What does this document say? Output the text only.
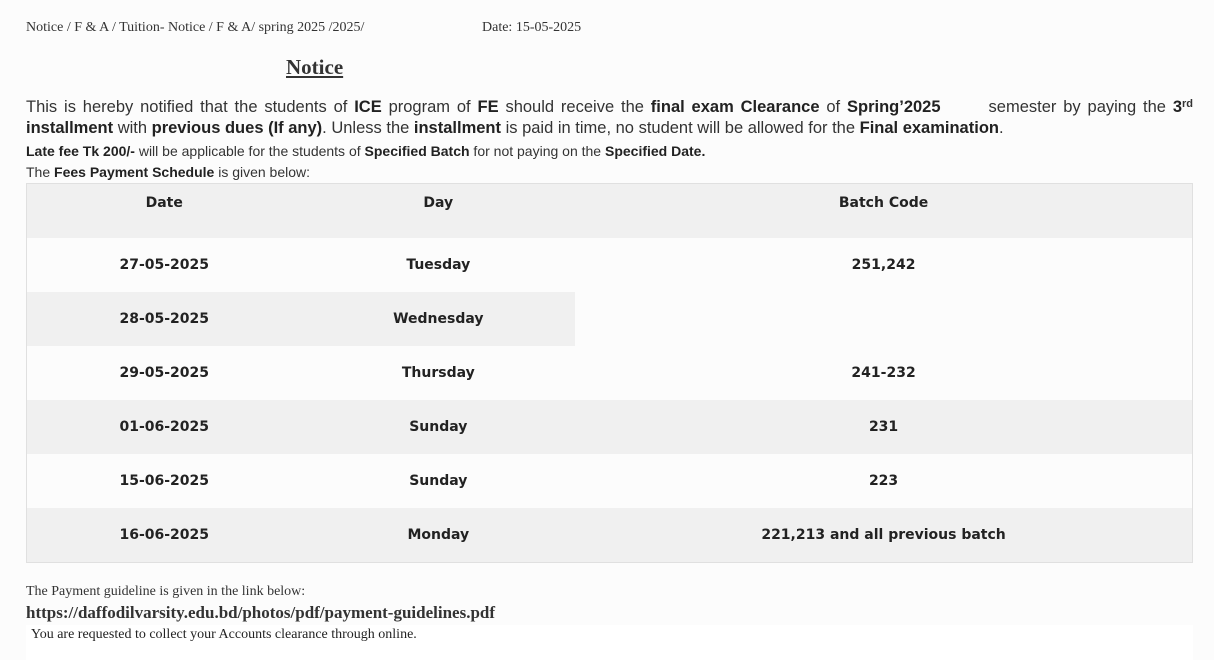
Notice / F & A / Tuition- Notice / F & A/ spring 2025 /2025/	Date: 15-05-2025
Notice
This is hereby notified that the students of ICE program of FE should receive the final exam Clearance of Spring’2025       semester by paying the 3rd installment with previous dues (If any). Unless the installment is paid in time, no student will be allowed for the Final examination.
Late fee Tk 200/- will be applicable for the students of Specified Batch for not paying on the Specified Date.
The Fees Payment Schedule is given below:
Date	Day	Batch Code
27-05-2025	Tuesday	251,242
28-05-2025	Wednesday	
29-05-2025	Thursday	241-232
01-06-2025	Sunday	231
15-06-2025	Sunday	223
16-06-2025	Monday	221,213 and all previous batch
The Payment guideline is given in the link below:
https://daffodilvarsity.edu.bd/photos/pdf/payment-guidelines.pdf
You are requested to collect your Accounts clearance through online.
